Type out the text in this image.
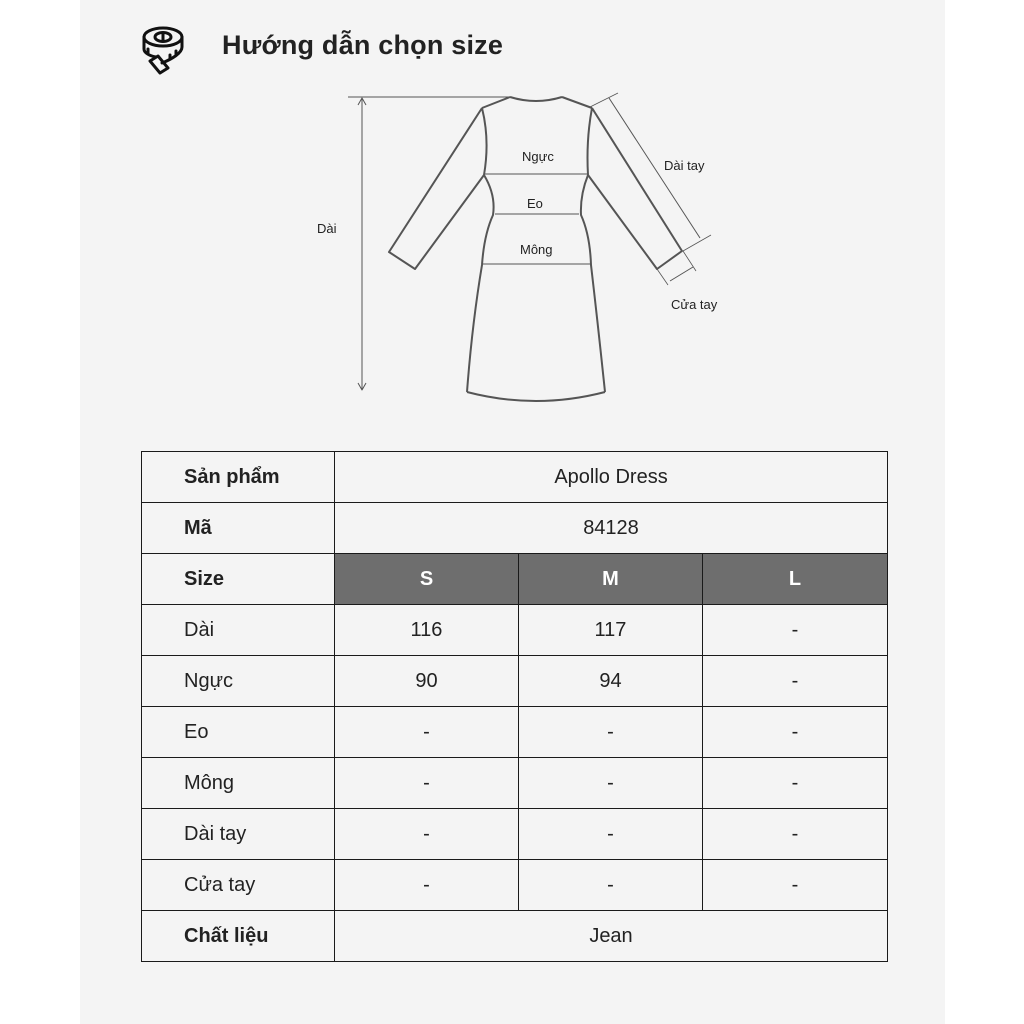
Hướng dẫn chọn size
Dài
Ngực
Eo
Mông
Dài tay
Cửa tay
Sản phẩm	Apollo Dress		
Mã	84128		
Size	S	M	L
Dài	116	117	-
Ngực	90	94	-
Eo	-	-	-
Mông	-	-	-
Dài tay	-	-	-
Cửa tay	-	-	-
Chất liệu	Jean		
